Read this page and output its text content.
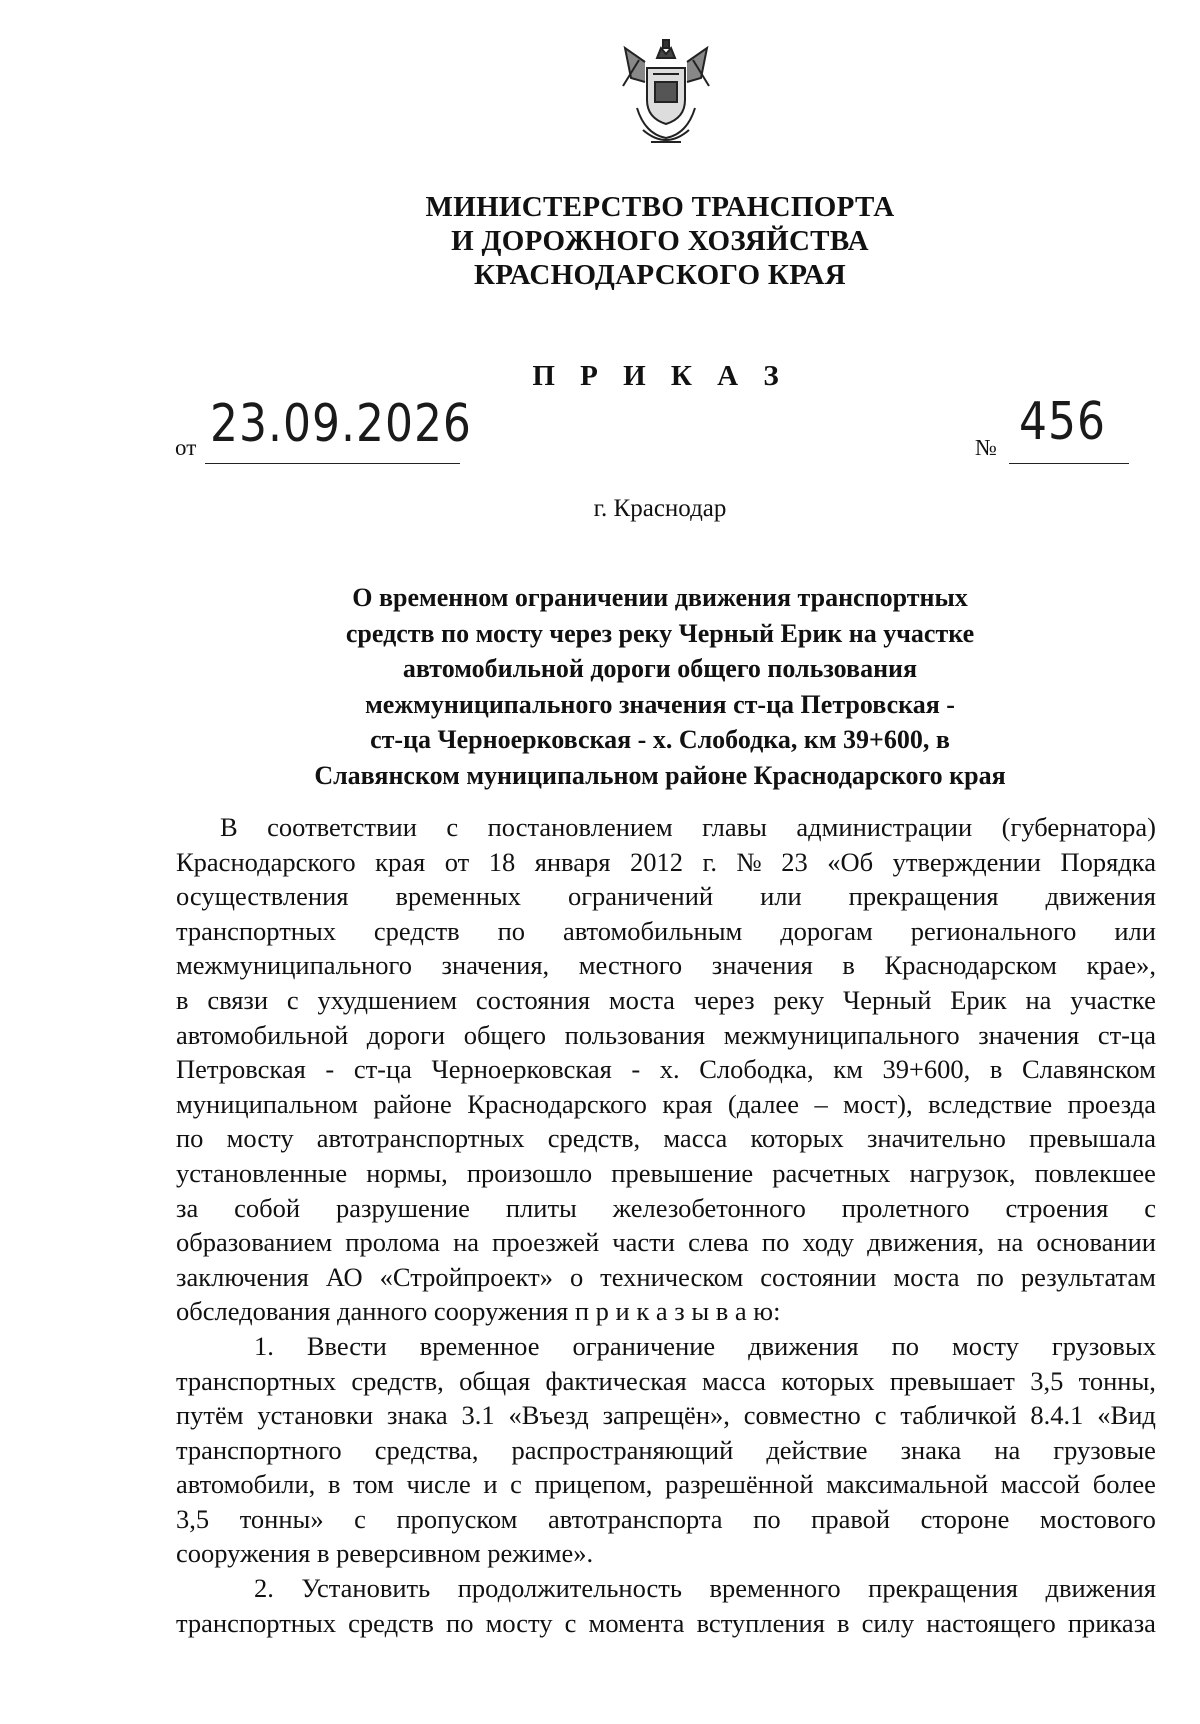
МИНИСТЕРСТВО ТРАНСПОРТА
И ДОРОЖНОГО ХОЗЯЙСТВА
КРАСНОДАРСКОГО КРАЯ
П Р И К А З
от 23.09.2026	№ 456
г. Краснодар
О временном ограничении движения транспортных
средств по мосту через реку Черный Ерик на участке
автомобильной дороги общего пользования
межмуниципального значения ст-ца Петровская -
ст-ца Черноерковская - х. Слободка, км 39+600, в
Славянском муниципальном районе Краснодарского края
В соответствии с постановлением главы администрации (губернатора)
Краснодарского края от 18 января 2012 г. № 23 «Об утверждении Порядка
осуществления временных ограничений или прекращения движения
транспортных средств по автомобильным дорогам регионального или
межмуниципального значения, местного значения в Краснодарском крае»,
в связи с ухудшением состояния моста через реку Черный Ерик на участке
автомобильной дороги общего пользования межмуниципального значения ст-ца
Петровская - ст-ца Черноерковская - х. Слободка, км 39+600, в Славянском
муниципальном районе Краснодарского края (далее – мост), вследствие проезда
по мосту автотранспортных средств, масса которых значительно превышала
установленные нормы, произошло превышение расчетных нагрузок, повлекшее
за собой разрушение плиты железобетонного пролетного строения с
образованием пролома на проезжей части слева по ходу движения, на основании
заключения АО «Стройпроект» о техническом состоянии моста по результатам
обследования данного сооружения п р и к а з ы в а ю:
1. Ввести временное ограничение движения по мосту грузовых
транспортных средств, общая фактическая масса которых превышает 3,5 тонны,
путём установки знака 3.1 «Въезд запрещён», совместно с табличкой 8.4.1 «Вид
транспортного средства, распространяющий действие знака на грузовые
автомобили, в том числе и с прицепом, разрешённой максимальной массой более
3,5 тонны» с пропуском автотранспорта по правой стороне мостового
сооружения в реверсивном режиме».
2. Установить продолжительность временного прекращения движения
транспортных средств по мосту с момента вступления в силу настоящего приказа
